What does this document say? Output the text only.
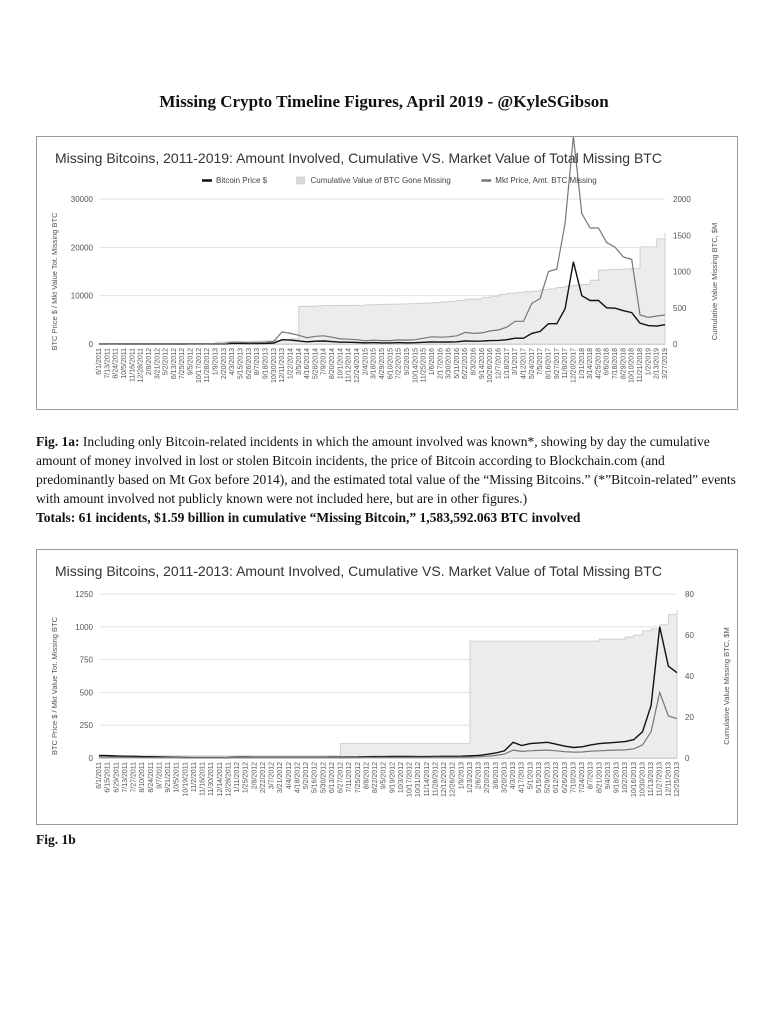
Missing Crypto Timeline Figures, April 2019 - @KyleSGibson
Missing Bitcoins, 2011-2019: Amount Involved, Cumulative VS. Market Value of Total Missing BTC
0
10000
20000
30000
0
500
1000
1500
2000
6/1/2011 7/13/2011 8/24/2011 10/5/2011 11/16/2011 12/28/2011 2/8/2012 3/21/2012 5/2/2012 6/13/2012 7/25/2012 9/5/2012 10/17/2012 11/28/2012 1/9/2013 2/20/2013 4/3/2013 5/15/2013 6/26/2013 8/7/2013 9/18/2013 10/30/2013 12/11/2013 1/22/2014 3/5/2014 4/16/2014 5/28/2014 7/9/2014 8/20/2014 10/1/2014 11/12/2014 12/24/2014 2/4/2015 3/18/2015 4/29/2015 6/10/2015 7/22/2015 9/2/2015 10/14/2015 11/25/2015 1/6/2016 2/17/2016 3/30/2016 5/11/2016 6/22/2016 8/3/2016 9/14/2016 10/26/2016 12/7/2016 1/18/2017 3/1/2017 4/12/2017 5/24/2017 7/5/2017 8/16/2017 9/27/2017 11/8/2017 12/20/2017 1/31/2018 3/14/2018 4/25/2018 6/6/2018 7/18/2018 8/29/2018 10/10/2018 11/21/2018 1/2/2019 2/13/2019 3/27/2019
BTC Price $ / Mkt Value Tot. Missing BTC	Cumulative Value Missing BTC, $M
Bitcoin Price $	Cumulative Value of BTC Gone Missing	Mkt Price, Amt. BTC Missing
Fig. 1a: Including only Bitcoin-related incidents in which the amount involved was known*, showing by day the cumulative amount of money involved in lost or stolen Bitcoin incidents, the price of Bitcoin according to Blockchain.com (and predominantly based on Mt Gox before 2014), and the estimated total value of the “Missing Bitcoins.” (*”Bitcoin-related” events with amount involved not publicly known were not included here, but are in other figures.)
Totals: 61 incidents, $1.59 billion in cumulative “Missing Bitcoin,” 1,583,592.063 BTC involved
Missing Bitcoins, 2011-2013: Amount Involved, Cumulative VS. Market Value of Total Missing BTC
0
250
500
750
1000
1250
0
20
40
60
80
6/1/2011 6/15/2011 6/29/2011 7/13/2011 7/27/2011 8/10/2011 8/24/2011 9/7/2011 9/21/2011 10/5/2011 10/19/2011 11/2/2011 11/16/2011 11/30/2011 12/14/2011 12/28/2011 1/11/2012 1/25/2012 2/8/2012 2/22/2012 3/7/2012 3/21/2012 4/4/2012 4/18/2012 5/2/2012 5/16/2012 5/30/2012 6/13/2012 6/27/2012 7/11/2012 7/25/2012 8/8/2012 8/22/2012 9/5/2012 9/19/2012 10/3/2012 10/17/2012 10/31/2012 11/14/2012 11/28/2012 12/12/2012 12/26/2012 1/9/2013 1/23/2013 2/6/2013 2/20/2013 3/6/2013 3/20/2013 4/3/2013 4/17/2013 5/1/2013 5/15/2013 5/29/2013 6/12/2013 6/26/2013 7/10/2013 7/24/2013 8/7/2013 8/21/2013 9/4/2013 9/18/2013 10/2/2013 10/16/2013 10/30/2013 11/13/2013 11/27/2013 12/11/2013 12/25/2013
BTC Price $ / Mkt Value Tot. Missing BTC	Cumulative Value Missing BTC, $M
Fig. 1b
